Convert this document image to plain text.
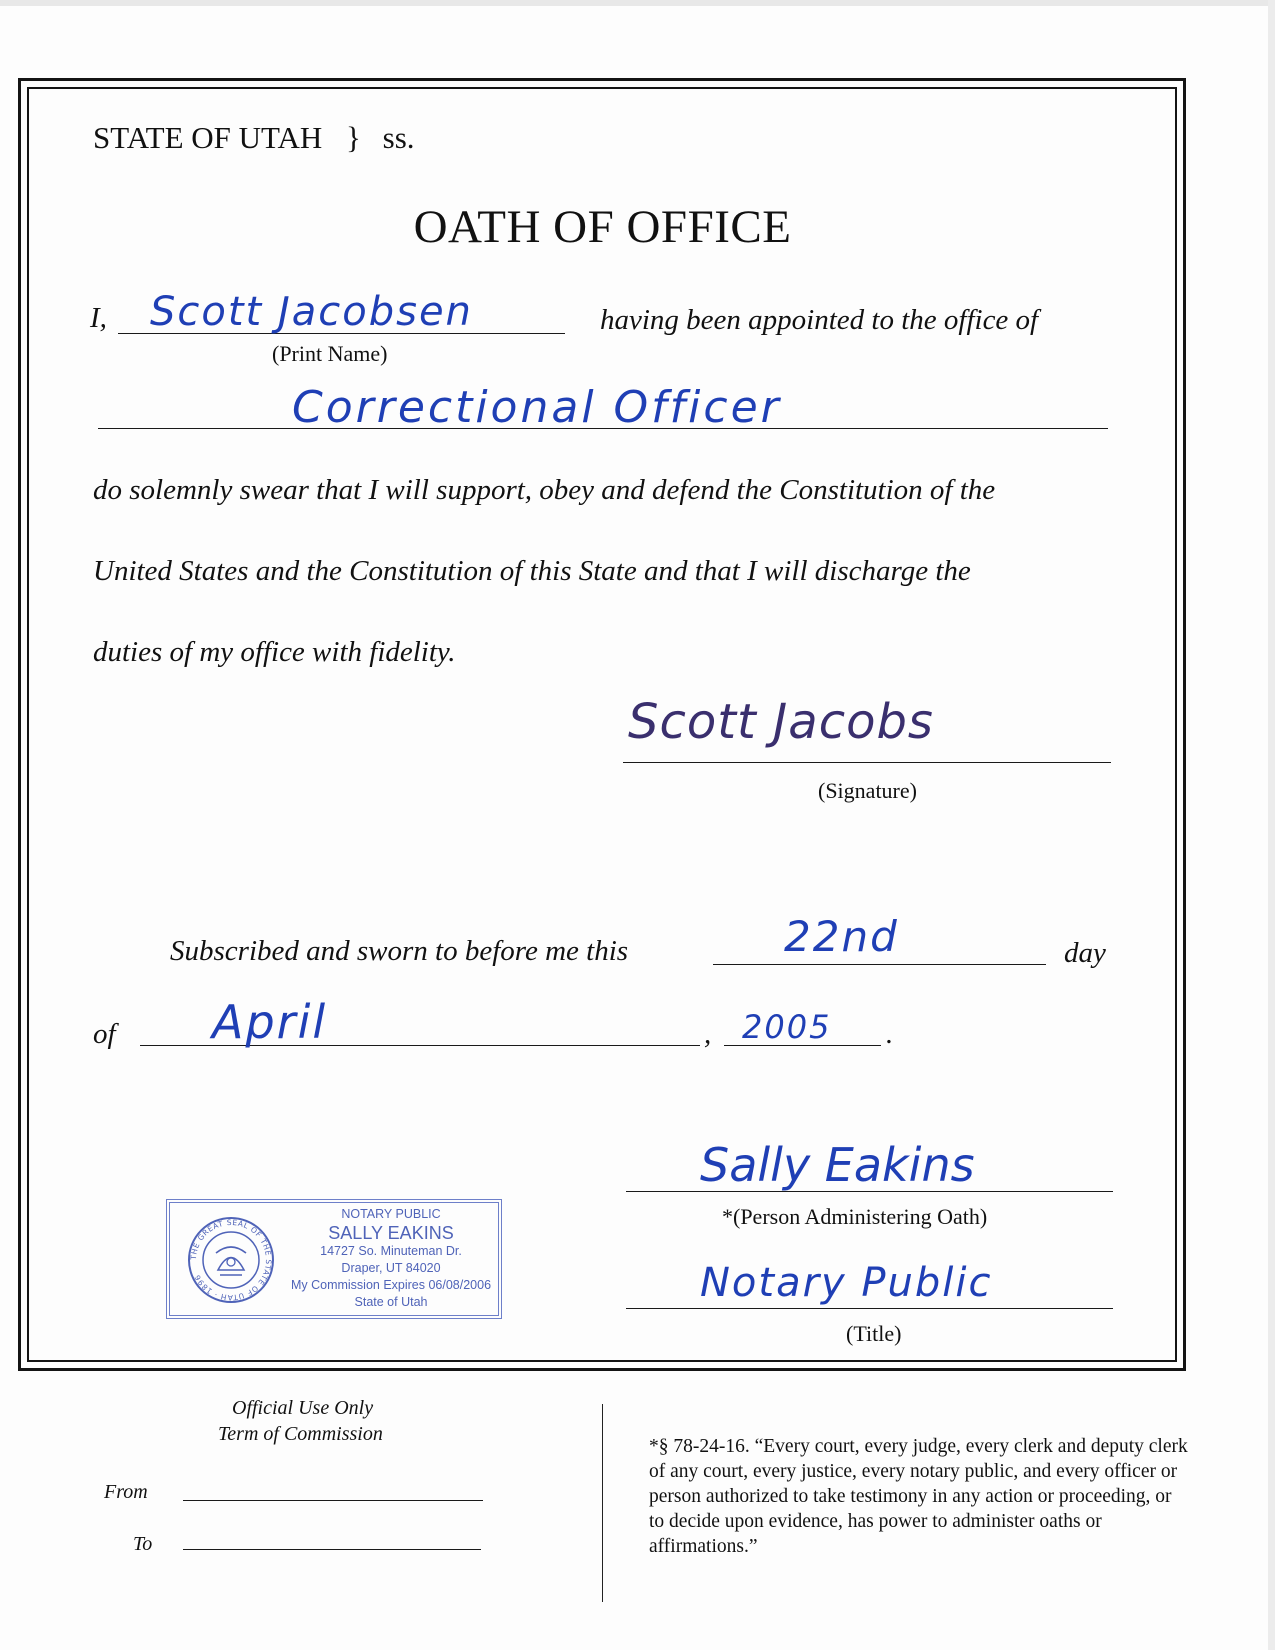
STATE OF UTAH } ss.
OATH OF OFFICE
I, Scott Jacobsen
(Print Name)
having been appointed to the office of
Correctional Officer
do solemnly swear that I will support, obey and defend the Constitution of the
United States and the Constitution of this State and that I will discharge the
duties of my office with fidelity.
Scott Jacobs
(Signature)
Subscribed and sworn to before me this	22nd	day
of April	, 2005 .
Sally Eakins
*(Person Administering Oath)
Notary Public
(Title)
THE GREAT SEAL OF THE STATE OF UTAH · 1896
NOTARY PUBLIC
SALLY EAKINS
14727 So. Minuteman Dr.
Draper, UT 84020
My Commission Expires 06/08/2006
State of Utah
Official Use Only
Term of Commission
From
To
*§ 78-24-16. “Every court, every judge, every clerk and deputy clerk of any court, every justice, every notary public, and every officer or person authorized to take testimony in any action or proceeding, or to decide upon evidence, has power to administer oaths or affirmations.”
